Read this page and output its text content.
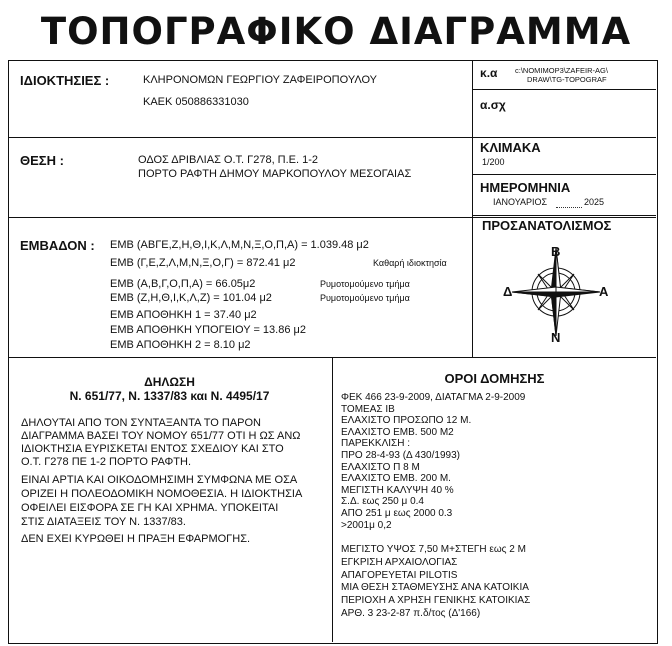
ΤΟΠΟΓΡΑΦΙΚΟ ΔΙΑΓΡΑΜΜΑ
ΙΔΙΟΚΤΗΣΙΕΣ :	ΚΛΗΡΟΝΟΜΩΝ ΓΕΩΡΓΙΟΥ ΖΑΦΕΙΡΟΠΟΥΛΟΥ
ΚΑΕΚ 050886331030
κ.α c:\NOMIMOP3\ZAFEIR-AG\
DRAW\TG-TOPOGRAF
α.σχ
ΘΕΣΗ :	ΟΔΟΣ ΔΡΙΒΛΙΑΣ Ο.Τ. Γ278, Π.Ε. 1-2
ΠΟΡΤΟ ΡΑΦΤΗ ΔΗΜΟΥ ΜΑΡΚΟΠΟΥΛΟΥ ΜΕΣΟΓΑΙΑΣ
ΚΛΙΜΑΚΑ
1/200
ΗΜΕΡΟΜΗΝΙΑ
ΙΑΝΟΥΑΡΙΟΣ	2025
ΠΡΟΣΑΝΑΤΟΛΙΣΜΟΣ
Β
Ν
Α
Δ
ΕΜΒΑΔΟΝ : ΕΜΒ (ΑΒΓΕ,Ζ,Η,Θ,Ι,Κ,Λ,Μ,Ν,Ξ,Ο,Π,Α) = 1.039.48 μ2
ΕΜΒ (Γ,Ε,Ζ,Λ,Μ,Ν,Ξ,Ο,Γ) = 872.41 μ2	Καθαρή ιδιοκτησία
ΕΜΒ (Α,Β,Γ,Ο,Π,Α) = 66.05μ2	Ρυμοτομούμενο τμήμα
ΕΜΒ (Ζ,Η,Θ,Ι,Κ,Λ,Ζ) = 101.04 μ2	Ρυμοτομούμενο τμήμα
ΕΜΒ ΑΠΟΘΗΚΗ 1 = 37.40 μ2
ΕΜΒ ΑΠΟΘΗΚΗ ΥΠΟΓΕΙΟΥ = 13.86 μ2
ΕΜΒ ΑΠΟΘΗΚΗ 2 = 8.10 μ2
ΔΗΛΩΣΗ
Ν. 651/77, Ν. 1337/83 και Ν. 4495/17
ΔΗΛΟΥΤΑΙ ΑΠΟ ΤΟΝ ΣΥΝΤΑΞΑΝΤΑ ΤΟ ΠΑΡΟΝ
ΔΙΑΓΡΑΜΜΑ ΒΑΣΕΙ ΤΟΥ ΝΟΜΟΥ 651/77 ΟΤΙ Η ΩΣ ΑΝΩ
ΙΔΙΟΚΤΗΣΙΑ ΕΥΡΙΣΚΕΤΑΙ ΕΝΤΟΣ ΣΧΕΔΙΟΥ ΚΑΙ ΣΤΟ
Ο.Τ. Γ278 ΠΕ 1-2 ΠΟΡΤΟ ΡΑΦΤΗ.
ΕΙΝΑΙ ΑΡΤΙΑ ΚΑΙ ΟΙΚΟΔΟΜΗΣΙΜΗ ΣΥΜΦΩΝΑ ΜΕ ΟΣΑ
ΟΡΙΖΕΙ Η ΠΟΛΕΟΔΟΜΙΚΗ ΝΟΜΟΘΕΣΙΑ. Η ΙΔΙΟΚΤΗΣΙΑ
ΟΦΕΙΛΕΙ ΕΙΣΦΟΡΑ ΣΕ ΓΗ ΚΑΙ ΧΡΗΜΑ. ΥΠΟΚΕΙΤΑΙ
ΣΤΙΣ ΔΙΑΤΑΞΕΙΣ ΤΟΥ Ν. 1337/83.
ΔΕΝ ΕΧΕΙ ΚΥΡΩΘΕΙ Η ΠΡΑΞΗ ΕΦΑΡΜΟΓΗΣ.
ΟΡΟΙ ΔΟΜΗΣΗΣ
ΦΕΚ 466 23-9-2009, ΔΙΑΤΑΓΜΑ 2-9-2009
ΤΟΜΕΑΣ ΙΒ
ΕΛΑΧΙΣΤΟ ΠΡΟΣΩΠΟ 12 Μ.
ΕΛΑΧΙΣΤΟ ΕΜΒ. 500 Μ2
ΠΑΡΕΚΚΛΙΣΗ :
ΠΡΟ 28-4-93 (Δ 430/1993)
ΕΛΑΧΙΣΤΟ Π 8 Μ
ΕΛΑΧΙΣΤΟ ΕΜΒ. 200 Μ.
ΜΕΓΙΣΤΗ ΚΑΛΥΨΗ 40 %
Σ.Δ. εως 250 μ 0.4
ΑΠΟ 251 μ εως 2000 0.3
>2001μ 0,2
ΜΕΓΙΣΤΟ ΥΨΟΣ 7,50 Μ+ΣΤΕΓΗ εως 2 Μ
ΕΓΚΡΙΣΗ ΑΡΧΑΙΟΛΟΓΙΑΣ
ΑΠΑΓΟΡΕΥΕΤΑΙ PILOTIS
ΜΙΑ ΘΕΣΗ ΣΤΑΘΜΕΥΣΗΣ ΑΝΑ ΚΑΤΟΙΚΙΑ
ΠΕΡΙΟΧΗ Α ΧΡΗΣΗ ΓΕΝΙΚΗΣ ΚΑΤΟΙΚΙΑΣ
ΑΡΘ. 3 23-2-87 π.δ/τος (Δ'166)
